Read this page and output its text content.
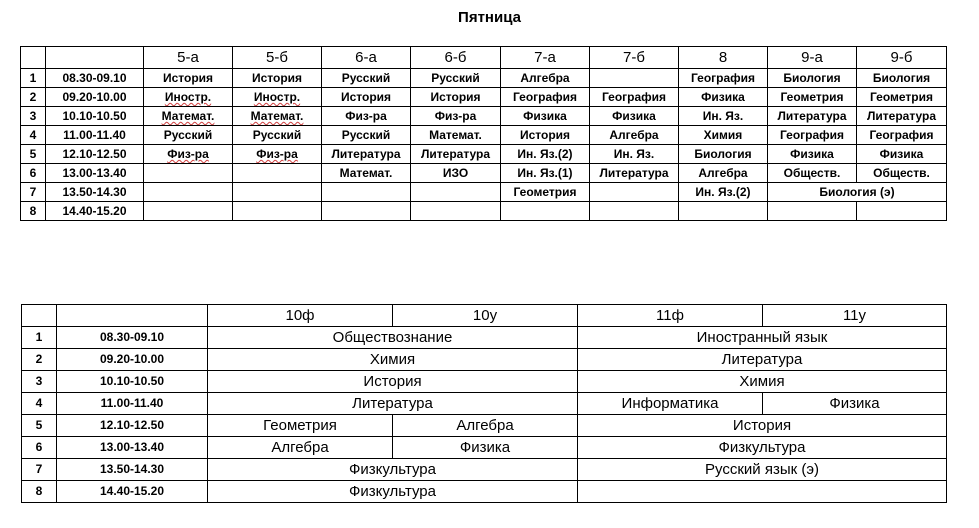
Пятница
		5-а	5-б	6-а	6-б	7-а	7-б	8	9-а	9-б
1	08.30-09.10	История	История	Русский	Русский	Алгебра		География	Биология	Биология
2	09.20-10.00	Иностр.	Иностр.	История	История	География	География	Физика	Геометрия	Геометрия
3	10.10-10.50	Математ.	Математ.	Физ-ра	Физ-ра	Физика	Физика	Ин. Яз.	Литература	Литература
4	11.00-11.40	Русский	Русский	Русский	Математ.	История	Алгебра	Химия	География	География
5	12.10-12.50	Физ-ра	Физ-ра	Литература	Литература	Ин. Яз.(2)	Ин. Яз.	Биология	Физика	Физика
6	13.00-13.40			Математ.	ИЗО	Ин. Яз.(1)	Литература	Алгебра	Обществ.	Обществ.
7	13.50-14.30					Геометрия		Ин. Яз.(2)	Биология (э)	
8	14.40-15.20									
		10ф	10у	11ф	11у
1	08.30-09.10	Обществознание		Иностранный язык	
2	09.20-10.00	Химия		Литература	
3	10.10-10.50	История		Химия	
4	11.00-11.40	Литература		Информатика	Физика
5	12.10-12.50	Геометрия	Алгебра	История	
6	13.00-13.40	Алгебра	Физика	Физкультура	
7	13.50-14.30	Физкультура		Русский язык (э)	
8	14.40-15.20	Физкультура			
